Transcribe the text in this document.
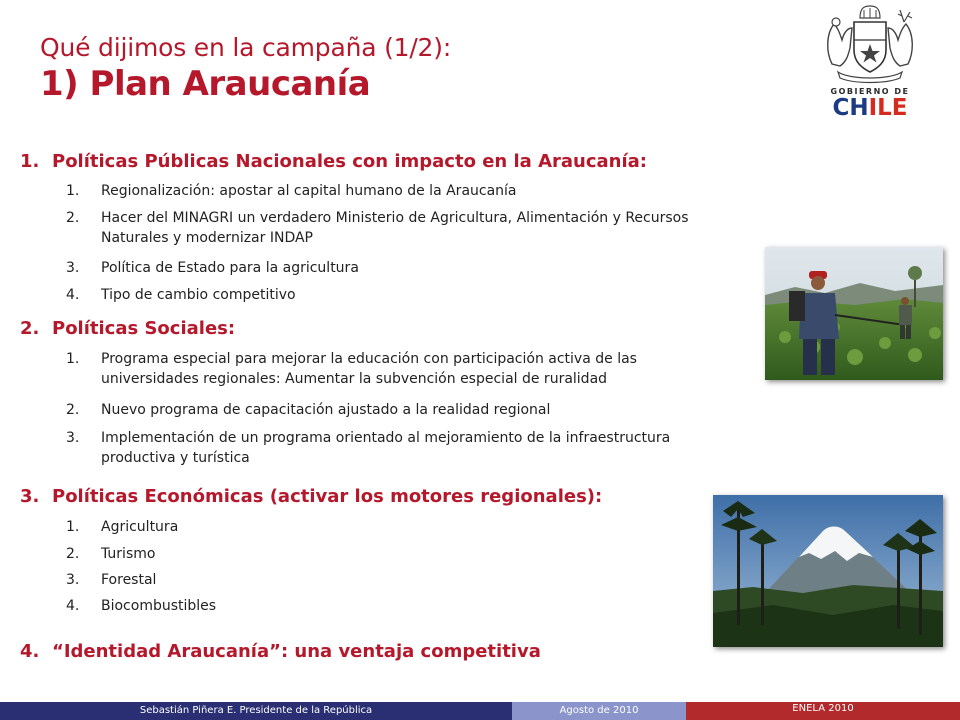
Qué dijimos en la campaña (1/2):
1) Plan Araucanía	GOBIERNO DE
CHILE
1. Políticas Públicas Nacionales con impacto en la Araucanía:
1.	Regionalización: apostar al capital humano de la Araucanía
2.	Hacer del MINAGRI un verdadero Ministerio de Agricultura, Alimentación y Recursos Naturales y modernizar INDAP
3.	Política de Estado para la agricultura
4.	Tipo de cambio competitivo
2. Políticas Sociales:
1.	Programa especial para mejorar la educación con participación activa de las universidades regionales: Aumentar la subvención especial de ruralidad
2.	Nuevo programa de capacitación ajustado a la realidad regional
3.	Implementación de un programa orientado al mejoramiento de la infraestructura productiva y turística
3. Políticas Económicas (activar los motores regionales):
1.	Agricultura
2.	Turismo
3.	Forestal
4.	Biocombustibles
4. “Identidad Araucanía”: una ventaja competitiva
Sebastián Piñera E. Presidente de la República	Agosto de 2010	ENELA 2010
